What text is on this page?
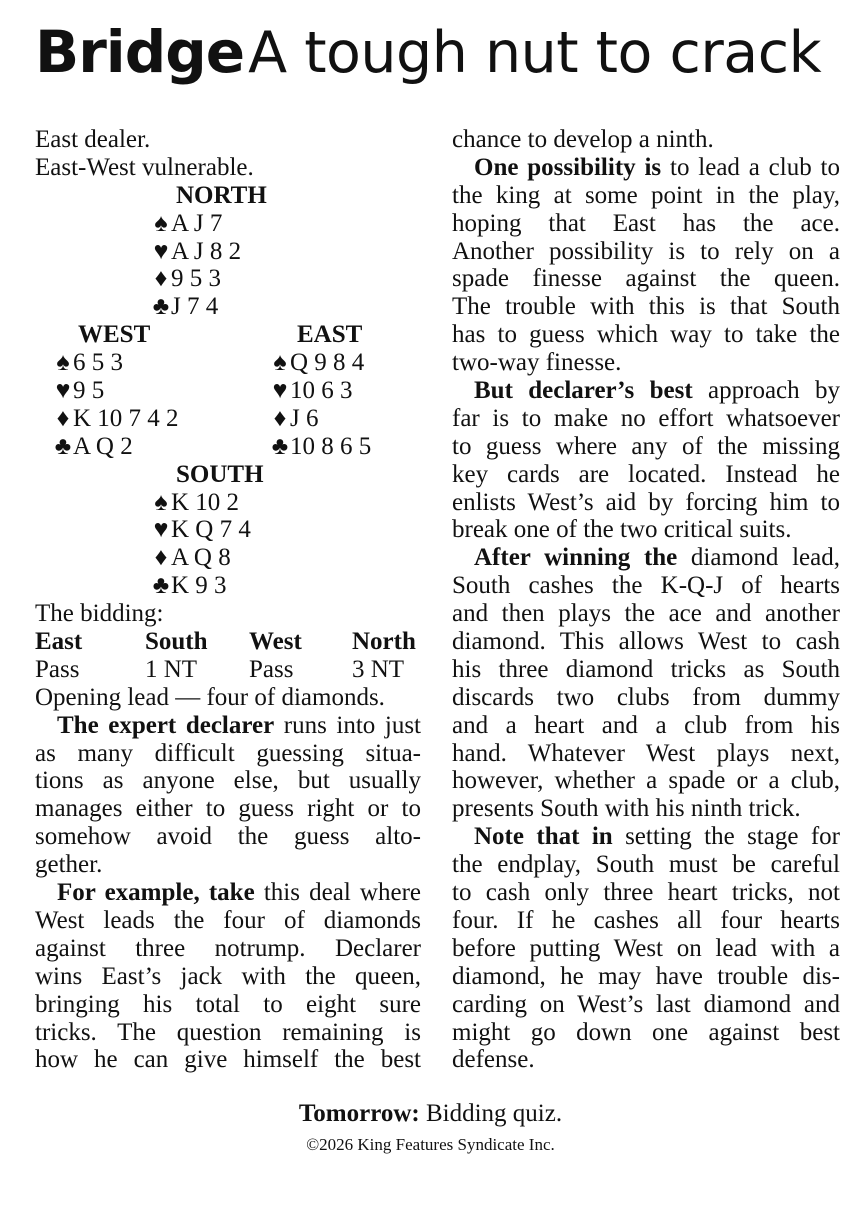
BridgeA tough nut to crack
East dealer.
East-West vulnerable.
NORTH
♠ A J 7
♥ A J 8 2
♦ 9 5 3
♣J 7 4
WEST	EAST
♠ 6 5 3	♠ Q 9 8 4
♥ 9 5	♥ 10 6 3
♦ K 10 7 4 2	♦ J 6
♣A Q 2	♣10 8 6 5
SOUTH
♠ K 10 2
♥ K Q 7 4
♦ A Q 8
♣K 9 3
The bidding:
East	South West North
Pass	1 NT Pass 3 NT
Opening lead — four of diamonds.
The expert declarer runs into just
as many difficult guessing situa-
tions as anyone else, but usually
manages either to guess right or to
somehow avoid the guess alto-
gether.
For example, take this deal where
West leads the four of diamonds
against three notrump. Declarer
wins East’s jack with the queen,
bringing his total to eight sure
tricks. The question remaining is
how he can give himself the best
chance to develop a ninth.
One possibility is to lead a club to
the king at some point in the play,
hoping that East has the ace.
Another possibility is to rely on a
spade finesse against the queen.
The trouble with this is that South
has to guess which way to take the
two-way finesse.
But declarer’s best approach by
far is to make no effort whatsoever
to guess where any of the missing
key cards are located. Instead he
enlists West’s aid by forcing him to
break one of the two critical suits.
After winning the diamond lead,
South cashes the K-Q-J of hearts
and then plays the ace and another
diamond. This allows West to cash
his three diamond tricks as South
discards two clubs from dummy
and a heart and a club from his
hand. Whatever West plays next,
however, whether a spade or a club,
presents South with his ninth trick.
Note that in setting the stage for
the endplay, South must be careful
to cash only three heart tricks, not
four. If he cashes all four hearts
before putting West on lead with a
diamond, he may have trouble dis-
carding on West’s last diamond and
might go down one against best
defense.
Tomorrow: Bidding quiz.
©2026 King Features Syndicate Inc.
